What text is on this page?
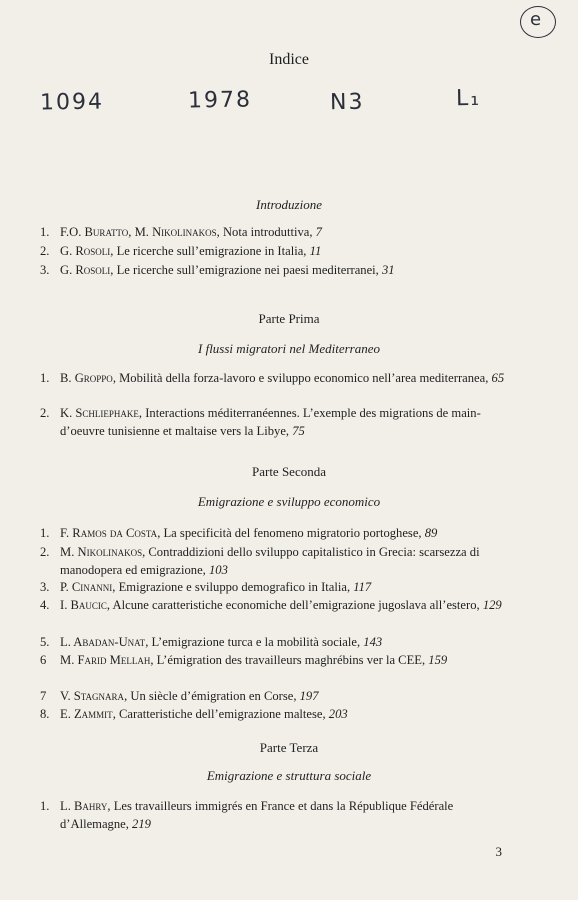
e
Indice
1094	1978	N3	L₁
Introduzione
1. F.O. Buratto, M. Nikolinakos, Nota introduttiva, 7
2. G. Rosoli, Le ricerche sull’emigrazione in Italia, 11
3. G. Rosoli, Le ricerche sull’emigrazione nei paesi mediterranei, 31
Parte Prima
I flussi migratori nel Mediterraneo
1. B. Groppo, Mobilità della forza-lavoro e sviluppo economico nell’area mediterranea, 65
2. K. Schliephake, Interactions méditerranéennes. L’exemple des migrations de main-d’oeuvre tunisienne et maltaise vers la Libye, 75
Parte Seconda
Emigrazione e sviluppo economico
1. F. Ramos da Costa, La specificità del fenomeno migratorio portoghese, 89
2. M. Nikolinakos, Contraddizioni dello sviluppo capitalistico in Grecia: scarsezza di manodopera ed emigrazione, 103
3. P. Cinanni, Emigrazione e sviluppo demografico in Italia, 117
4. I. Baucic, Alcune caratteristiche economiche dell’emigrazione jugoslava all’estero, 129
5. L. Abadan-Unat, L’emigrazione turca e la mobilità sociale, 143
6	M. Farid Mellah, L’émigration des travailleurs maghrébins ver la CEE, 159
7	V. Stagnara, Un siècle d’émigration en Corse, 197
8. E. Zammit, Caratteristiche dell’emigrazione maltese, 203
Parte Terza
Emigrazione e struttura sociale
1. L. Bahry, Les travailleurs immigrés en France et dans la République Fédérale d’Allemagne, 219
3
